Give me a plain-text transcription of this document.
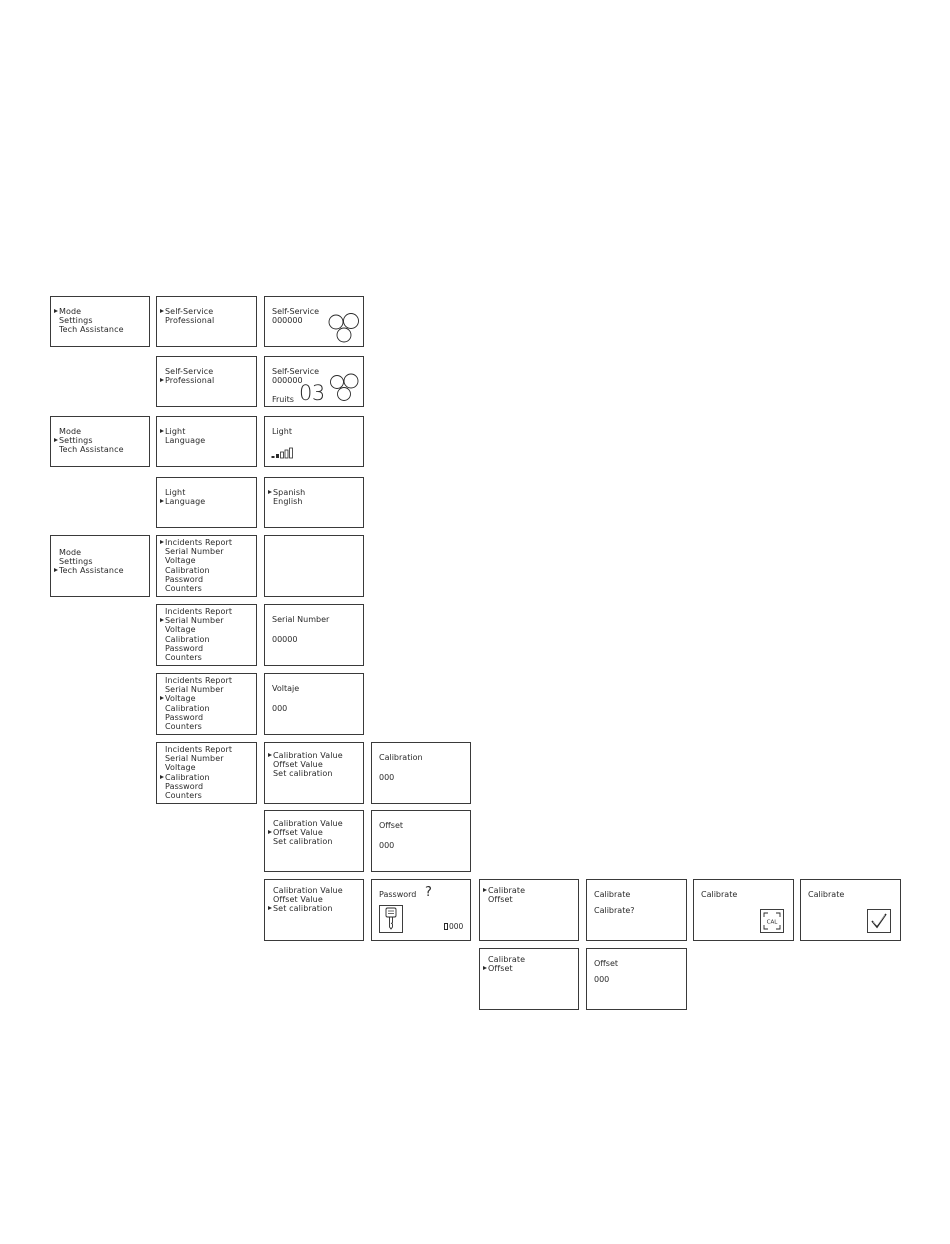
Mode
Settings
Tech Assistance
Self-Service
Professional
Self-Service
000000
Self-Service
Professional
Self-Service
000000
Fruits 03
Mode
Settings
Tech Assistance
Light
Language
Light
Light
Language
Spanish
English
Mode
Settings
Tech Assistance
Incidents Report
Serial Number
Voltage
Calibration
Password
Counters
Incidents Report
Serial Number
Voltage
Calibration
Password
Counters
Serial Number
00000
Incidents Report
Serial Number
Voltage
Calibration
Password
Counters
Voltaje
000
Incidents Report
Serial Number
Voltage
Calibration
Password
Counters
Calibration Value
Offset Value
Set calibration
Calibration
000
Calibration Value
Offset Value
Set calibration
Offset
000
Calibration Value
Offset Value
Set calibration
Password ?
000
Calibrate
Offset
Calibrate
Calibrate?
Calibrate
CAL
Calibrate
Calibrate
Offset
Offset
000
